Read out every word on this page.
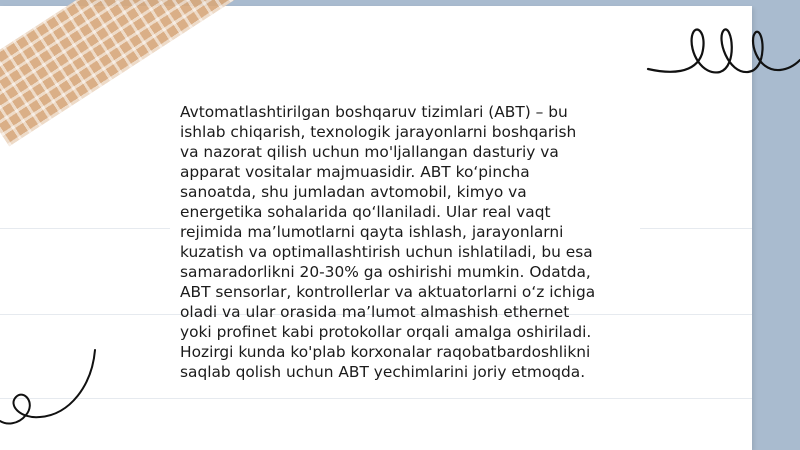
Avtomatlashtirilgan boshqaruv tizimlari (ABT) – bu
ishlab chiqarish, texnologik jarayonlarni boshqarish
va nazorat qilish uchun mo'ljallangan dasturiy va
apparat vositalar majmuasidir. ABT ko‘pincha
sanoatda, shu jumladan avtomobil, kimyo va
energetika sohalarida qo‘llaniladi. Ular real vaqt
rejimida ma’lumotlarni qayta ishlash, jarayonlarni
kuzatish va optimallashtirish uchun ishlatiladi, bu esa
samaradorlikni 20-30% ga oshirishi mumkin. Odatda,
ABT sensorlar, kontrollerlar va aktuatorlarni o‘z ichiga
oladi va ular orasida ma’lumot almashish ethernet
yoki profinet kabi protokollar orqali amalga oshiriladi.
Hozirgi kunda ko'plab korxonalar raqobatbardoshlikni
saqlab qolish uchun ABT yechimlarini joriy etmoqda.
